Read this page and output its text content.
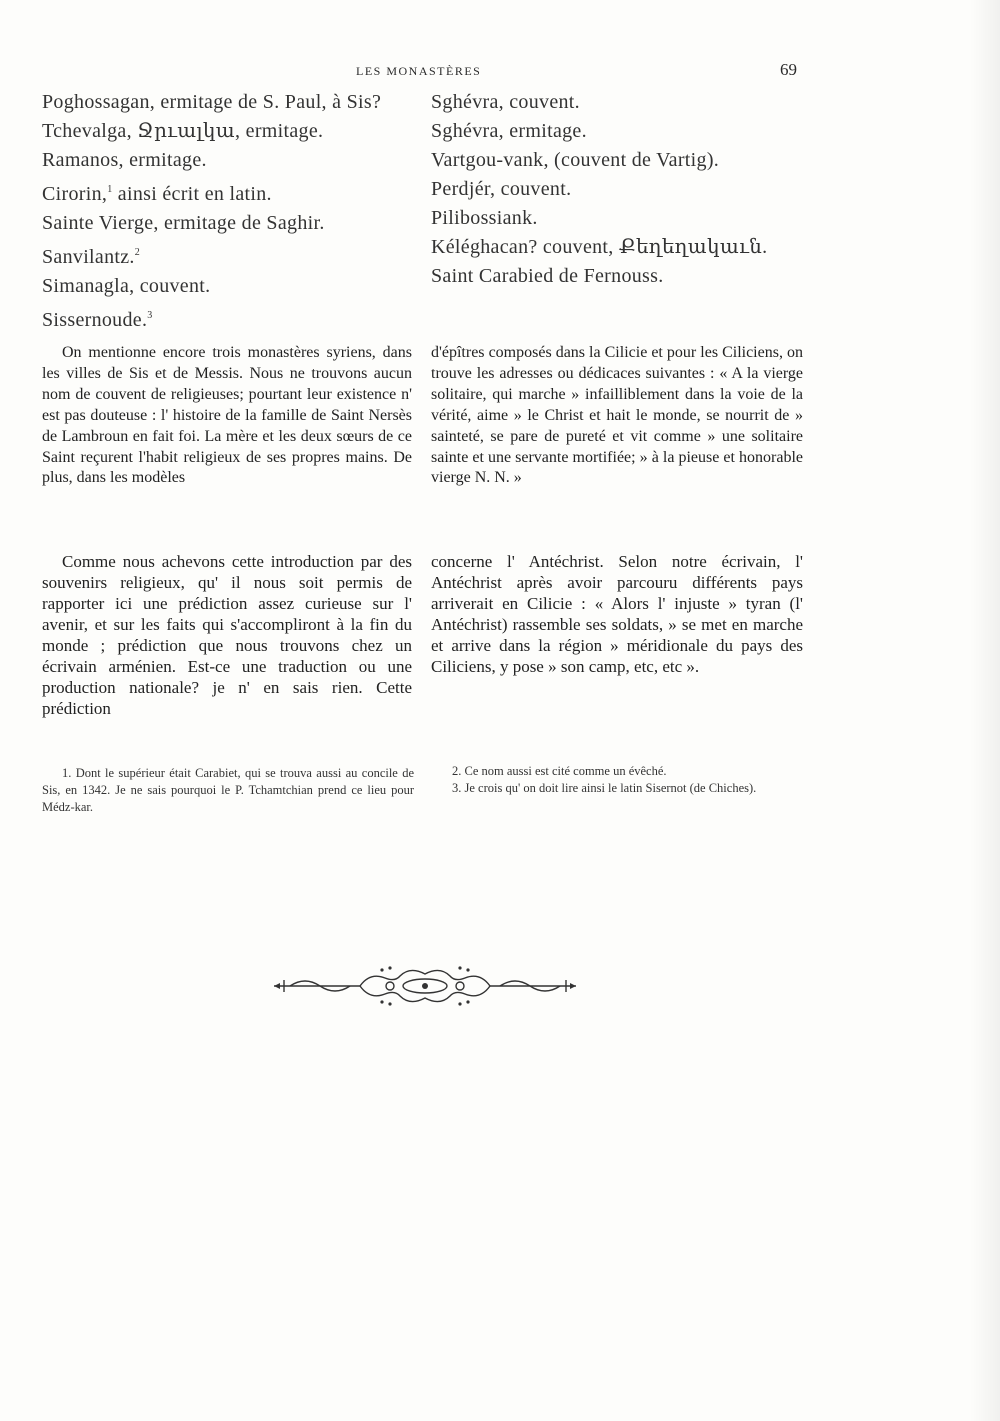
LES MONASTÈRES	69
Poghossagan, ermitage de S. Paul, à Sis?
Tchevalga, Ջրւալկա, ermitage.
Ramanos, ermitage.
Cirorin,$^1$ ainsi écrit en latin.
Sainte Vierge, ermitage de Saghir.
Sanvilantz.$^2$
Simanagla, couvent.
Sissernoude.$^3$
Sghévra, couvent.
Sghévra, ermitage.
Vartgou-vank, (couvent de Vartig).
Perdjér, couvent.
Pilibossiank.
Kéléghacan? couvent, Քեղեղակաւն.
Saint Carabied de Fernouss.
On mentionne encore trois monastères syriens, dans les villes de Sis et de Messis. Nous ne trouvons aucun nom de couvent de religieuses; pourtant leur existence n' est pas douteuse : l' histoire de la famille de Saint Nersès de Lambroun en fait foi. La mère et les deux sœurs de ce Saint reçurent l'habit religieux de ses propres mains. De plus, dans les modèles
d'épîtres composés dans la Cilicie et pour les Ciliciens, on trouve les adresses ou dédicaces suivantes : « A la vierge solitaire, qui marche » infailliblement dans la voie de la vérité, aime » le Christ et hait le monde, se nourrit de » sainteté, se pare de pureté et vit comme » une solitaire sainte et une servante mortifiée; » à la pieuse et honorable vierge N. N. »
Comme nous achevons cette introduction par des souvenirs religieux, qu' il nous soit permis de rapporter ici une prédiction assez curieuse sur l' avenir, et sur les faits qui s'accompliront à la fin du monde ; prédiction que nous trouvons chez un écrivain arménien. Est-ce une traduction ou une production nationale? je n' en sais rien. Cette prédiction
concerne l' Antéchrist. Selon notre écrivain, l' Antéchrist après avoir parcouru différents pays arriverait en Cilicie : « Alors l' injuste » tyran (l' Antéchrist) rassemble ses soldats, » se met en marche et arrive dans la région » méridionale du pays des Ciliciens, y pose » son camp, etc, etc ».

1. Dont le supérieur était Carabiet, qui se trouva aussi au concile de Sis, en 1342. Je ne sais pourquoi le P. Tchamtchian prend ce lieu pour Médz-kar.

2. Ce nom aussi est cité comme un évêché.

3. Je crois qu' on doit lire ainsi le latin Sisernot (de Chiches).
